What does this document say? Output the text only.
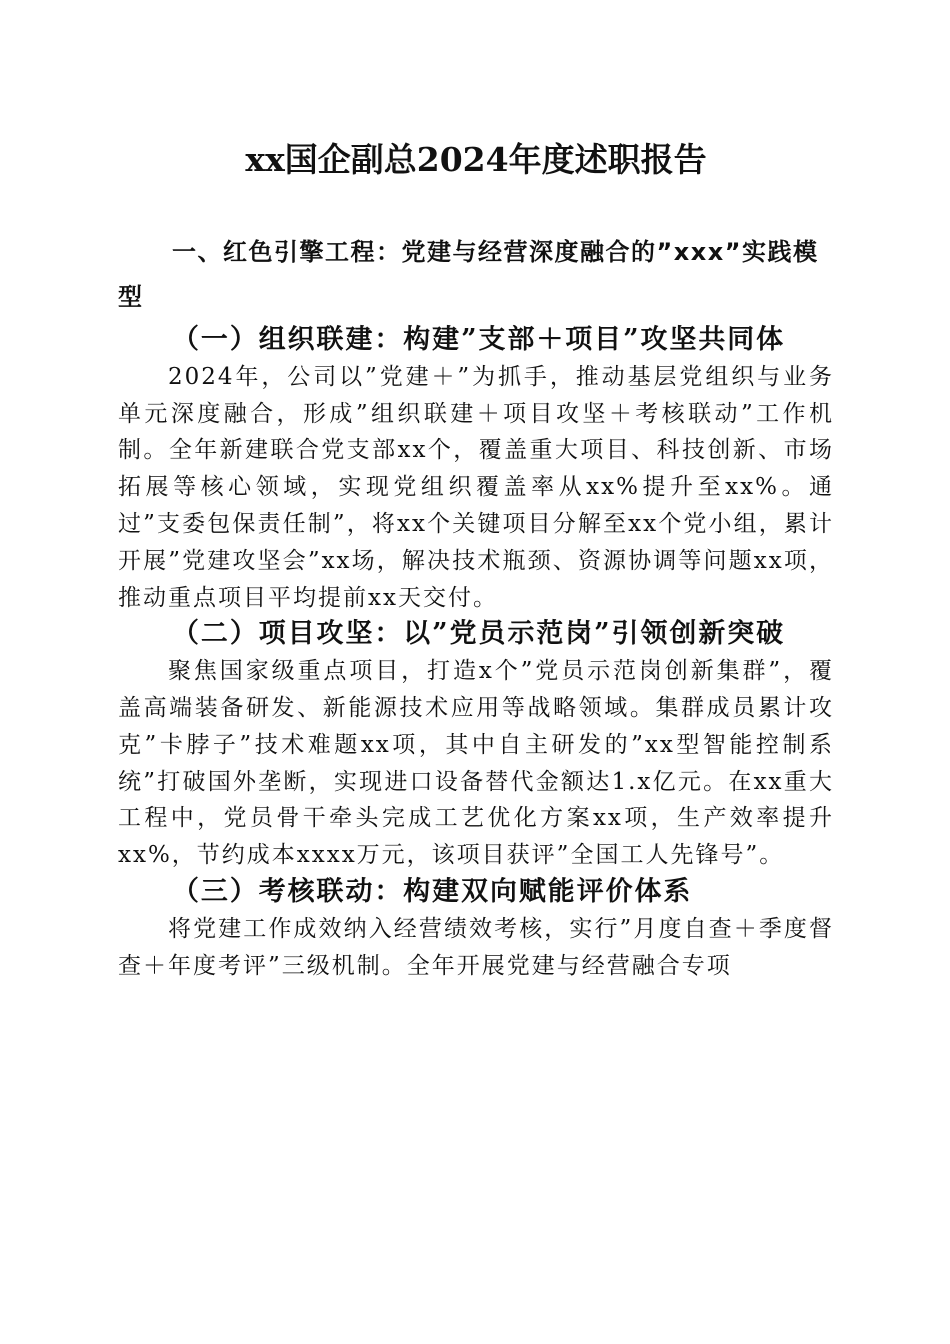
xx国企副总2024年度述职报告
一、红色引擎工程：党建与经营深度融合的”xxx”实践模型
（一）组织联建：构建”支部＋项目”攻坚共同体

2024年，公司以”党建＋”为抓手，推动基层党组织与业务单元深度融合，形成”组织联建＋项目攻坚＋考核联动”工作机制。全年新建联合党支部xx个，覆盖重大项目、科技创新、市场拓展等核心领域，实现党组织覆盖率从xx%提升至xx%。通过”支委包保责任制”，将xx个关键项目分解至xx个党小组，累计开展”党建攻坚会”xx场，解决技术瓶颈、资源协调等问题xx项，推动重点项目平均提前xx天交付。

（二）项目攻坚：以”党员示范岗”引领创新突破

聚焦国家级重点项目，打造x个”党员示范岗创新集群”，覆盖高端装备研发、新能源技术应用等战略领域。集群成员累计攻克”卡脖子”技术难题xx项，其中自主研发的”xx型智能控制系统”打破国外垄断，实现进口设备替代金额达1.x亿元。在xx重大工程中，党员骨干牵头完成工艺优化方案xx项，生产效率提升xx%，节约成本xxxx万元，该项目获评”全国工人先锋号”。

（三）考核联动：构建双向赋能评价体系

将党建工作成效纳入经营绩效考核，实行”月度自查＋季度督查＋年度考评”三级机制。全年开展党建与经营融合专项
